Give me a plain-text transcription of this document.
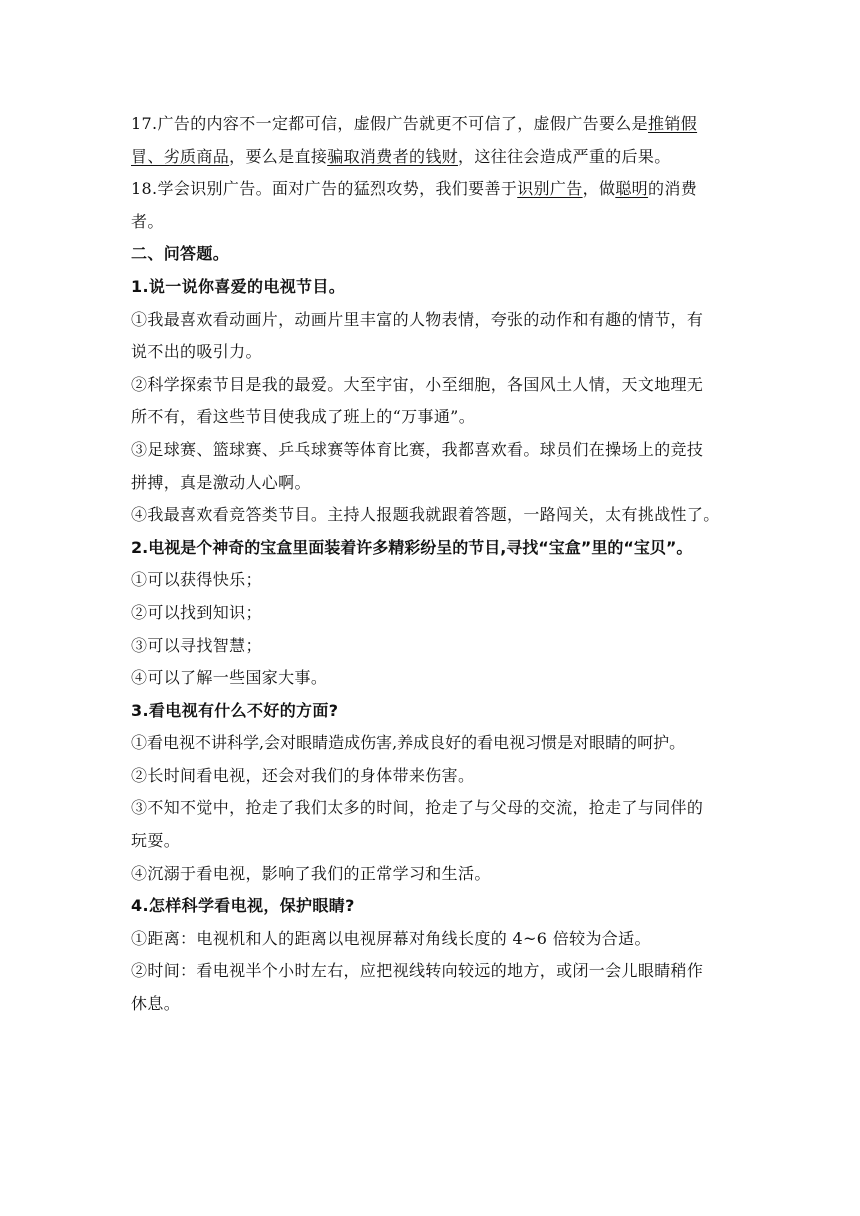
17.广告的内容不一定都可信，虚假广告就更不可信了，虚假广告要么是推销假
冒、劣质商品，要么是直接骗取消费者的钱财，这往往会造成严重的后果。
18.学会识别广告。面对广告的猛烈攻势，我们要善于识别广告，做聪明的消费
者。
二、问答题。
1.说一说你喜爱的电视节目。
①我最喜欢看动画片，动画片里丰富的人物表情，夸张的动作和有趣的情节，有
说不出的吸引力。
②科学探索节目是我的最爱。大至宇宙，小至细胞，各国风土人情，天文地理无
所不有，看这些节目使我成了班上的“万事通”。
③足球赛、篮球赛、乒乓球赛等体育比赛，我都喜欢看。球员们在操场上的竞技
拼搏，真是激动人心啊。
④我最喜欢看竞答类节目。主持人报题我就跟着答题，一路闯关，太有挑战性了。
2.电视是个神奇的宝盒里面装着许多精彩纷呈的节目,寻找“宝盒”里的“宝贝”。
①可以获得快乐；
②可以找到知识；
③可以寻找智慧；
④可以了解一些国家大事。
3.看电视有什么不好的方面?
①看电视不讲科学,会对眼睛造成伤害,养成良好的看电视习惯是对眼睛的呵护。
②长时间看电视，还会对我们的身体带来伤害。
③不知不觉中，抢走了我们太多的时间，抢走了与父母的交流，抢走了与同伴的
玩耍。
④沉溺于看电视，影响了我们的正常学习和生活。
4.怎样科学看电视，保护眼睛?
①距离：电视机和人的距离以电视屏幕对角线长度的 4~6 倍较为合适。
②时间：看电视半个小时左右，应把视线转向较远的地方，或闭一会儿眼睛稍作
休息。
